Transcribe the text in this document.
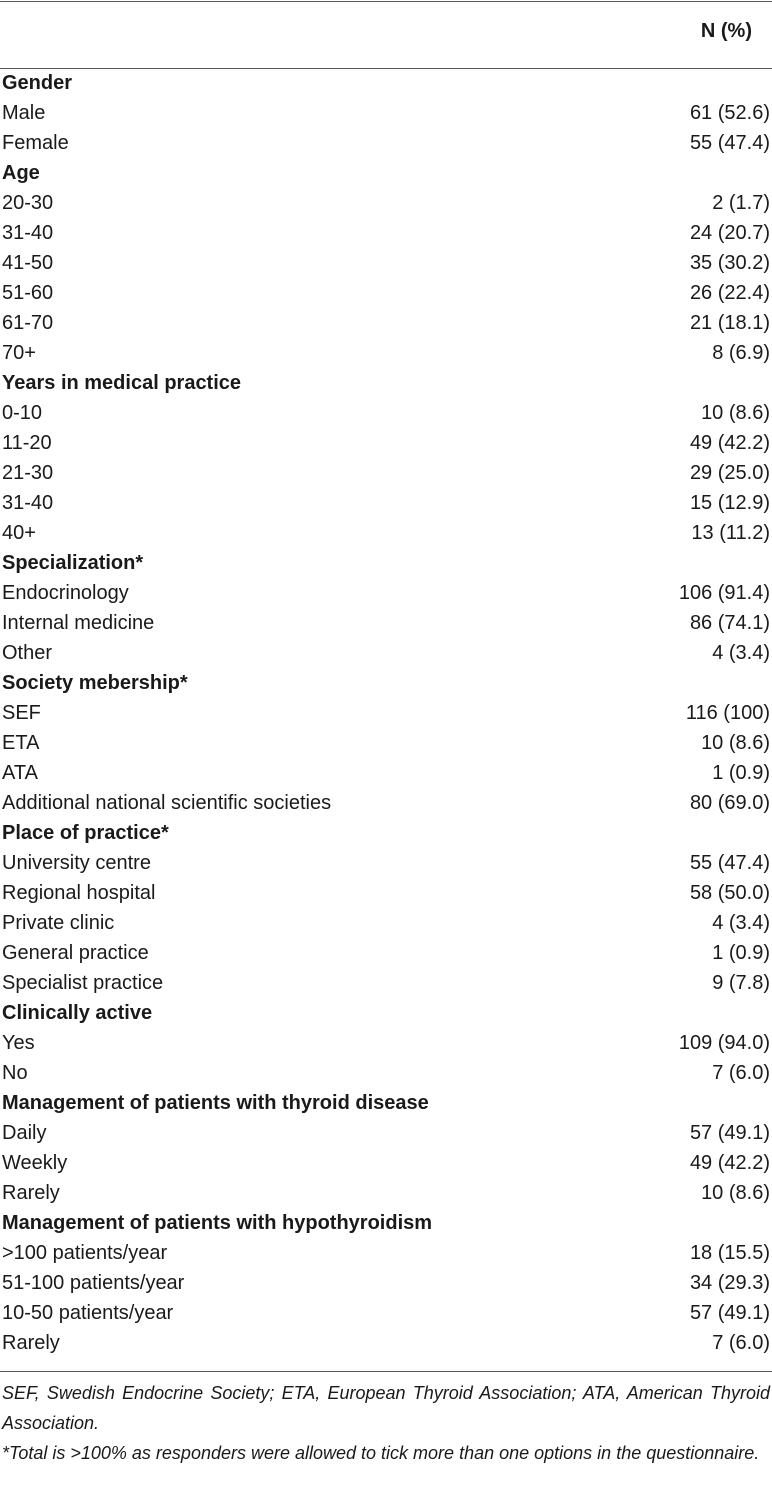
N (%)
Gender
Male	61 (52.6)
Female	55 (47.4)
Age
20-30	2 (1.7)
31-40	24 (20.7)
41-50	35 (30.2)
51-60	26 (22.4)
61-70	21 (18.1)
70+	8 (6.9)
Years in medical practice
0-10	10 (8.6)
11-20	49 (42.2)
21-30	29 (25.0)
31-40	15 (12.9)
40+	13 (11.2)
Specialization*
Endocrinology	106 (91.4)
Internal medicine	86 (74.1)
Other	4 (3.4)
Society mebership*
SEF	116 (100)
ETA	10 (8.6)
ATA	1 (0.9)
Additional national scientific societies	80 (69.0)
Place of practice*
University centre	55 (47.4)
Regional hospital	58 (50.0)
Private clinic	4 (3.4)
General practice	1 (0.9)
Specialist practice	9 (7.8)
Clinically active
Yes	109 (94.0)
No	7 (6.0)
Management of patients with thyroid disease
Daily	57 (49.1)
Weekly	49 (42.2)
Rarely	10 (8.6)
Management of patients with hypothyroidism
>100 patients/year	18 (15.5)
51-100 patients/year	34 (29.3)
10-50 patients/year	57 (49.1)
Rarely	7 (6.0)

SEF, Swedish Endocrine Society; ETA, European Thyroid Association; ATA, American Thyroid Association.

*Total is >100% as responders were allowed to tick more than one options in the questionnaire.
